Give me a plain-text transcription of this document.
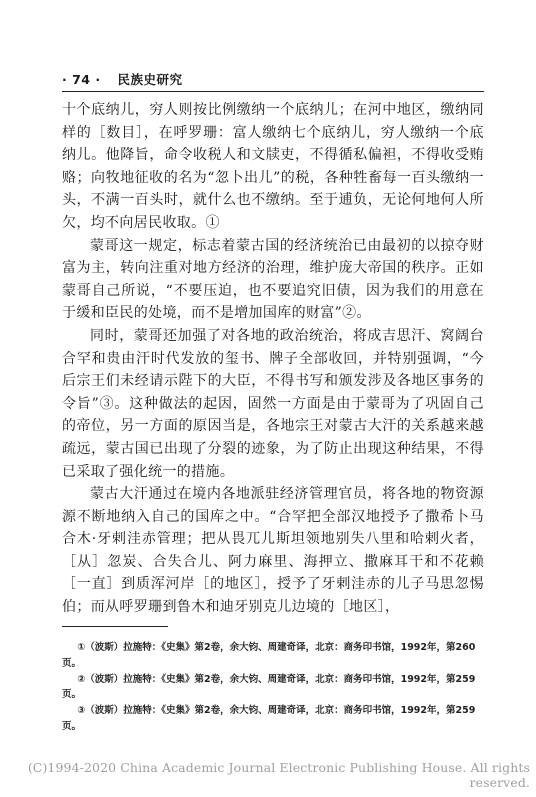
· 74 · 民族史研究

十个底纳儿，穷人则按比例缴纳一个底纳儿；在河中地区，缴纳同样的［数目］，在呼罗珊：富人缴纳七个底纳儿，穷人缴纳一个底纳儿。他降旨，命令收税人和文牍吏，不得循私偏袒，不得收受贿赂；向牧地征收的名为“忽卜出儿”的税，各种牲畜每一百头缴纳一头，不满一百头时，就什么也不缴纳。至于逋负，无论何地何人所欠，均不向居民收取。①

蒙哥这一规定，标志着蒙古国的经济统治已由最初的以掠夺财富为主，转向注重对地方经济的治理，维护庞大帝国的秩序。正如蒙哥自己所说，“不要压迫，也不要追究旧债，因为我们的用意在于缓和臣民的处境，而不是增加国库的财富”②。

同时，蒙哥还加强了对各地的政治统治，将成吉思汗、窝阔台合罕和贵由汗时代发放的玺书、牌子全部收回，并特别强调，“今后宗王们未经请示陛下的大臣，不得书写和颁发涉及各地区事务的令旨”③。这种做法的起因，固然一方面是由于蒙哥为了巩固自己的帝位，另一方面的原因当是，各地宗王对蒙古大汗的关系越来越疏远，蒙古国已出现了分裂的迹象，为了防止出现这种结果，不得已采取了强化统一的措施。

蒙古大汗通过在境内各地派驻经济管理官员，将各地的物资源源不断地纳入自己的国库之中。“合罕把全部汉地授予了撒希卜马合木·牙剌洼赤管理；把从畏兀儿斯坦领地别失八里和哈剌火者，［从］忽炭、合失合儿、阿力麻里、海押立、撒麻耳干和不花赖［一直］到质浑河岸［的地区］，授予了牙剌洼赤的儿子马思忽惕伯；而从呼罗珊到鲁木和迪牙别克儿边境的［地区］，

①（波斯）拉施特：《史集》第2卷，余大钧、周建奇译，北京：商务印书馆，1992年，第260页。

②（波斯）拉施特：《史集》第2卷，余大钧、周建奇译，北京：商务印书馆，1992年，第259页。

③（波斯）拉施特：《史集》第2卷，余大钧、周建奇译，北京：商务印书馆，1992年，第259页。

(C)1994-2020 China Academic Journal Electronic Publishing House. All rights reserved.
